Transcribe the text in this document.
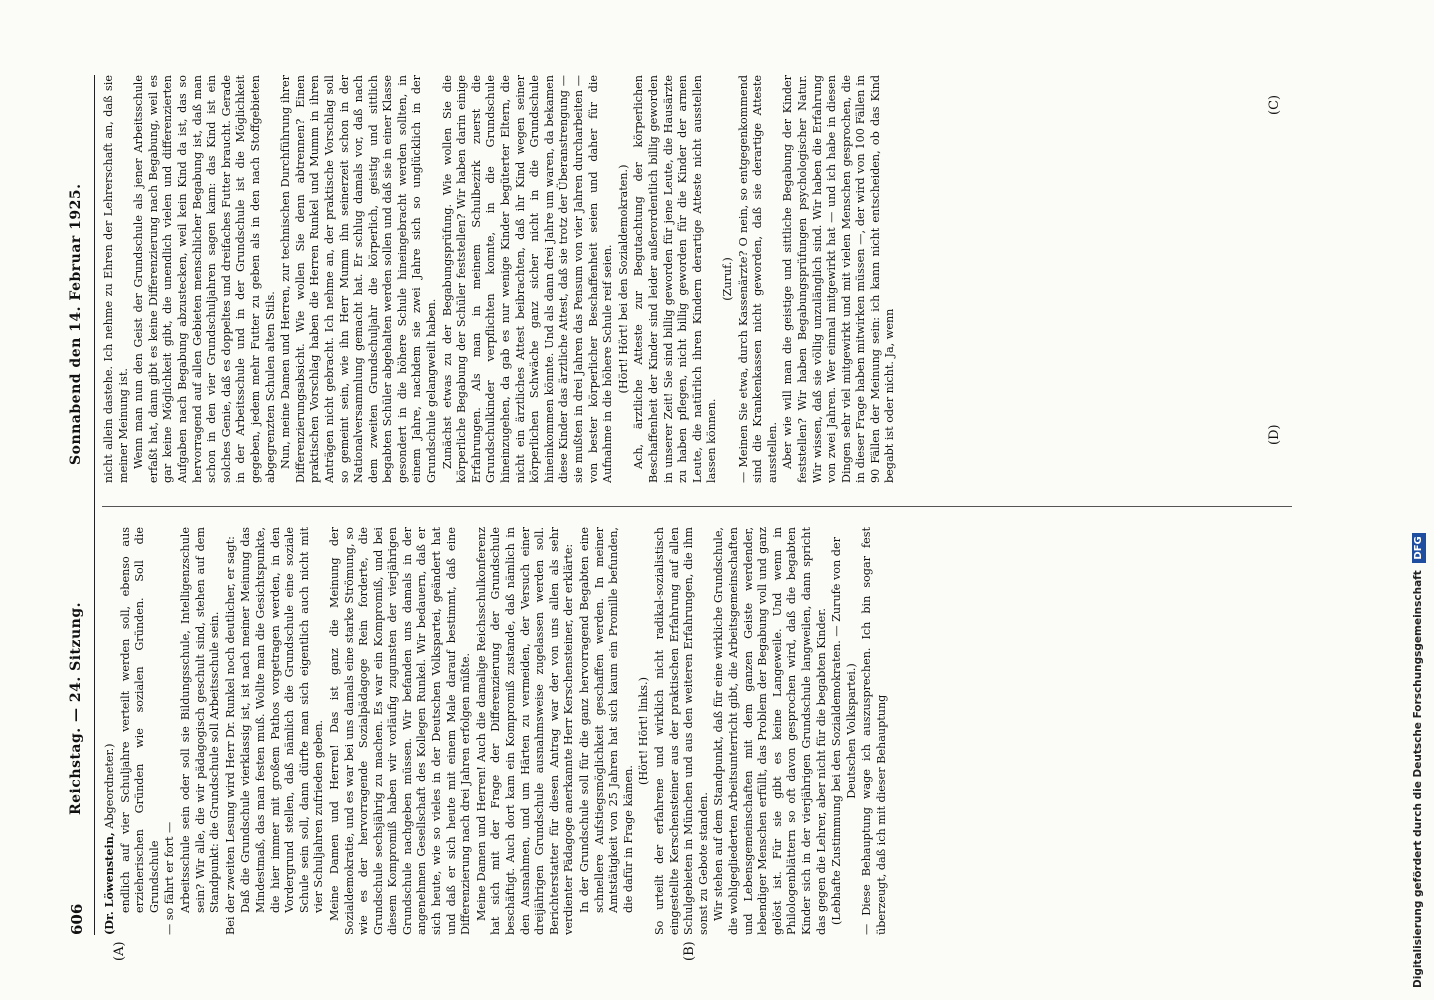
606
Reichstag. — 24. Sitzung.
Sonnabend den 14. Februar 1925.

(Dr. Löwenstein, Abgeordneter.) endlich auf vier Schuljahre verteilt werden soll, ebenso aus erzieherischen Gründen wie sozialen Gründen. Soll die Grundschule — so fährt er fort — Arbeitsschule sein oder soll sie Bildungsschule, Intelligenzschule sein? Wir alle, die wir pädagogisch geschult sind, stehen auf dem Standpunkt: die Grundschule soll Arbeitsschule sein. Bei der zweiten Lesung wird Herr Dr. Runkel noch deutlicher, er sagt: Daß die Grundschule vierklassig ist, ist nach meiner Meinung das Mindestmaß, das man festen muß. Wollte man die Gesichtspunkte, die hier immer mit großem Pathos vorgetragen werden, in den Vordergrund stellen, daß nämlich die Grundschule eine soziale Schule sein soll, dann dürfte man sich eigentlich auch nicht mit vier Schuljahren zufrieden geben. Meine Damen und Herren! Das ist ganz die Meinung der Sozialdemokratie, und es war bei uns damals eine starke Strömung, so wie es der hervorragende Sozialpädagoge Rein forderte, die Grundschule sechsjährig zu machen. Es war ein Kompromiß, und bei diesem Kompromiß haben wir vorläufig zugunsten der vierjährigen Grundschule nachgeben müssen. Wir befanden uns damals in der angenehmen Gesellschaft des Kollegen Runkel. Wir bedauern, daß er sich heute, wie so vieles in der Deutschen Volkspartei, geändert hat und daß er sich heute mit einem Male darauf bestimmt, daß eine Differenzierung nach drei Jahren erfolgen müßte. Meine Damen und Herren! Auch die damalige Reichsschulkonferenz hat sich mit der Frage der Differenzierung der Grundschule beschäftigt. Auch dort kam ein Kompromiß zustande, daß nämlich in den Ausnahmen, und um Härten zu vermeiden, der Versuch einer dreijährigen Grundschule ausnahmsweise zugelassen werden soll. Berichterstatter für diesen Antrag war der von uns allen als sehr verdienter Pädagoge anerkannte Herr Kerschensteiner, der erklärte: In der Grundschule soll für die ganz hervorragend Begabten eine schnellere Aufstiegsmöglichkeit geschaffen werden. In meiner Amtstätigkeit von 25 Jahren hat sich kaum ein Promille befunden, die dafür in Frage kämen.

(Hört! Hört! links.) So urteilt der erfahrene und wirklich nicht radikal-sozialistisch eingestellte Kerschensteiner aus der praktischen Erfahrung auf allen Schulgebieten in München und aus den weiteren Erfahrungen, die ihm sonst zu Gebote standen. Wir stehen auf dem Standpunkt, daß für eine wirkliche Grundschule, die wohlgegliederten Arbeitsunterricht gibt, die Arbeitsgemeinschaften und Lebensgemeinschaften mit dem ganzen Geiste werdender, lebendiger Menschen erfüllt, das Problem der Begabung voll und ganz gelöst ist. Für sie gibt es keine Langeweile. Und wenn in Philologenblättern so oft davon gesprochen wird, daß die begabten Kinder sich in der vierjährigen Grundschule langweilen, dann spricht das gegen die Lehrer, aber nicht für die begabten Kinder. (Lebhafte Zustimmung bei den Sozialdemokraten. — Zurufe von der Deutschen Volkspartei.) — Diese Behauptung wage ich auszusprechen. Ich bin sogar fest überzeugt, daß ich mit dieser Behauptung

nicht allein dastehe. Ich nehme zu Ehren der Lehrerschaft an, daß sie meiner Meinung ist. Wenn man nun den Geist der Grundschule als jener Arbeitsschule erfaßt hat, dann gibt es keine Differenzierung nach Begabung, weil es gar keine Möglichkeit gibt, die unendlich vielen und differenzierten Aufgaben nach Begabung abzustecken, weil kein Kind da ist, das so hervorragend auf allen Gebieten menschlicher Begabung ist, daß man schon in den vier Grundschuljahren sagen kann: das Kind ist ein solches Genie, daß es doppeltes und dreifaches Futter braucht. Gerade in der Arbeitsschule und in der Grundschule ist die Möglichkeit gegeben, jedem mehr Futter zu geben als in den nach Stoffgebieten abgegrenzten Schulen alten Stils. Nun, meine Damen und Herren, zur technischen Durchführung ihrer Differenzierungsabsicht. Wie wollen Sie denn abtrennen? Einen praktischen Vorschlag haben die Herren Runkel und Mumm in ihren Anträgen nicht gebracht. Ich nehme an, der praktische Vorschlag soll so gemeint sein, wie ihn Herr Mumm ihn seinerzeit schon in der Nationalversammlung gemacht hat. Er schlug damals vor, daß nach dem zweiten Grundschuljahr die körperlich, geistig und sittlich begabten Schüler abgehalten werden sollen und daß sie in einer Klasse gesondert in die höhere Schule hineingebracht werden sollten, in einem Jahre, nachdem sie zwei Jahre sich so unglücklich in der Grundschule gelangweilt haben. Zunächst etwas zu der Begabungsprüfung. Wie wollen Sie die körperliche Begabung der Schüler feststellen? Wir haben darin einige Erfahrungen. Als man in meinem Schulbezirk zuerst die Grundschulkinder verpflichten konnte, in die Grundschule hineinzugehen, da gab es nur wenige Kinder begüterter Eltern, die nicht ein ärztliches Attest beibrachten, daß ihr Kind wegen seiner körperlichen Schwäche ganz sicher nicht in die Grundschule hineinkommen könnte. Und als dann drei Jahre um waren, da bekamen diese Kinder das ärztliche Attest, daß sie trotz der Überanstrengung — sie mußten in drei Jahren das Pensum von vier Jahren durcharbeiten — von bester körperlicher Beschaffenheit seien und daher für die Aufnahme in die höhere Schule reif seien. (Hört! Hört! bei den Sozialdemokraten.) Ach, ärztliche Atteste zur Begutachtung der körperlichen Beschaffenheit der Kinder sind leider außerordentlich billig geworden in unserer Zeit! Sie sind billig geworden für jene Leute, die Hausärzte zu haben pflegen, nicht billig geworden für die Kinder der armen Leute, die natürlich ihren Kindern derartige Atteste nicht ausstellen lassen können.

(Zuruf.) — Meinen Sie etwa, durch Kassenärzte? O nein, so entgegenkommend sind die Krankenkassen nicht geworden, daß sie derartige Atteste ausstellen. Aber wie will man die geistige und sittliche Begabung der Kinder feststellen? Wir haben Begabungsprüfungen psychologischer Natur. Wir wissen, daß sie völlig unzulänglich sind. Wir haben die Erfahrung von zwei Jahren. Wer einmal mitgewirkt hat — und ich habe in diesen Dingen sehr viel mitgewirkt und mit vielen Menschen gesprochen, die in dieser Frage haben mitwirken müssen —, der wird von 100 Fällen in 90 Fällen der Meinung sein: ich kann nicht entscheiden, ob das Kind begabt ist oder nicht. Ja, wenn

(A)	(B)
(C)
(D)
Digitalisierung gefördert durch die Deutsche Forschungsgemeinschaft DFG
